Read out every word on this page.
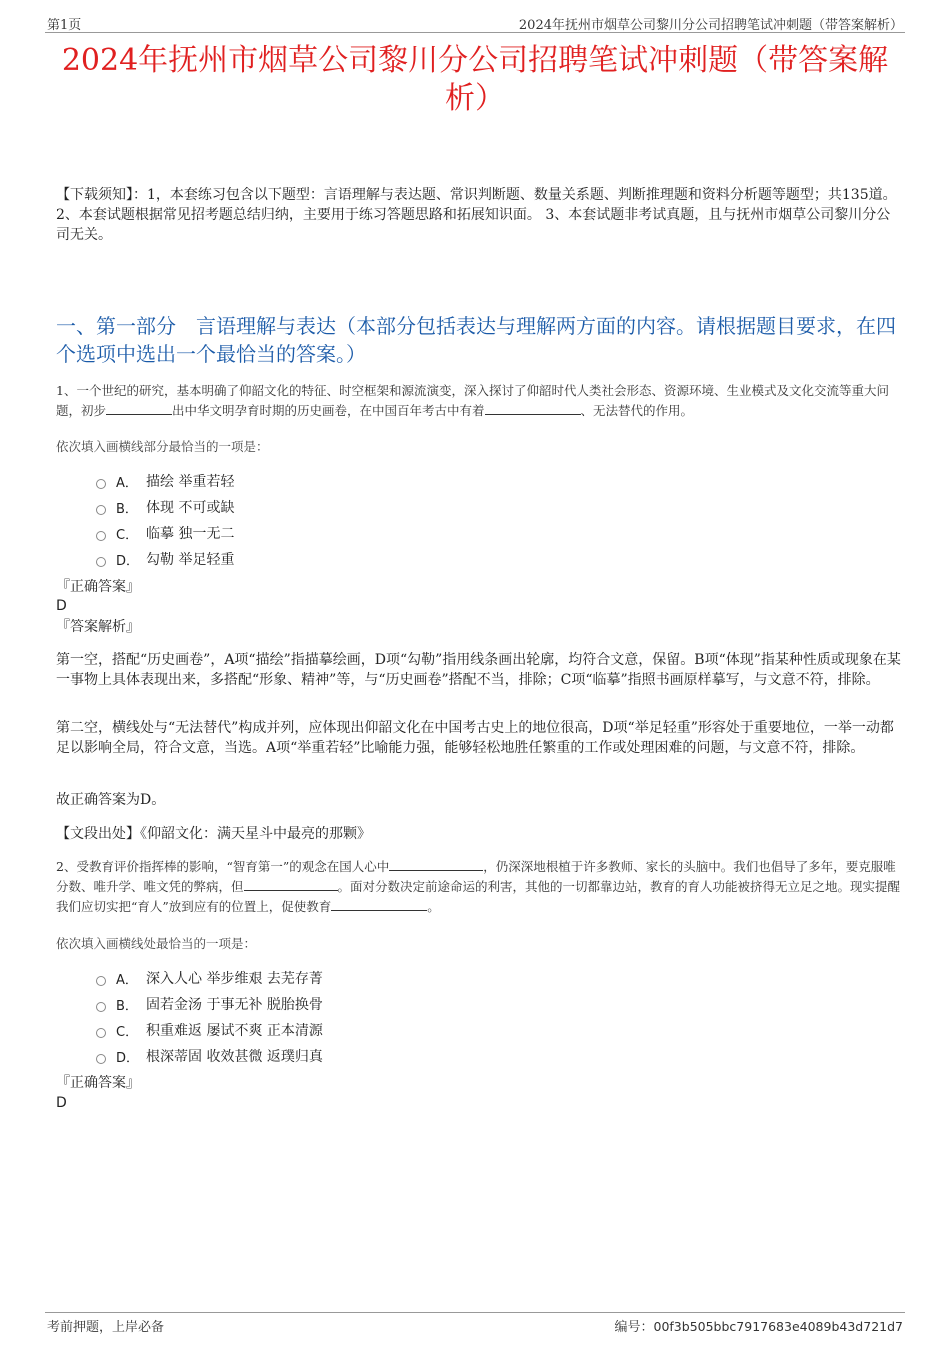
第1页	2024年抚州市烟草公司黎川分公司招聘笔试冲刺题（带答案解析）
2024年抚州市烟草公司黎川分公司招聘笔试冲刺题（带答案解析）

【下载须知】：1，本套练习包含以下题型：言语理解与表达题、常识判断题、数量关系题、判断推理题和资料分析题等题型；共135道。 2、本套试题根据常见招考题总结归纳，主要用于练习答题思路和拓展知识面。 3、本套试题非考试真题，且与抚州市烟草公司黎川分公司无关。

一、第一部分　言语理解与表达（本部分包括表达与理解两方面的内容。请根据题目要求，在四个选项中选出一个最恰当的答案。）

1、一个世纪的研究，基本明确了仰韶文化的特征、时空框架和源流演变，深入探讨了仰韶时代人类社会形态、资源环境、生业模式及文化交流等重大问题，初步	出中华文明孕育时期的历史画卷，在中国百年考古中有着	、无法替代的作用。

依次填入画横线部分最恰当的一项是：

A． 描绘 举重若轻
B． 体现 不可或缺
C． 临摹 独一无二
D． 勾勒 举足轻重

『正确答案』

D

『答案解析』

第一空，搭配“历史画卷”，A项“描绘”指描摹绘画，D项“勾勒”指用线条画出轮廓，均符合文意，保留。B项“体现”指某种性质或现象在某一事物上具体表现出来，多搭配“形象、精神”等，与“历史画卷”搭配不当，排除；C项“临摹”指照书画原样摹写，与文意不符，排除。

第二空，横线处与“无法替代”构成并列，应体现出仰韶文化在中国考古史上的地位很高，D项“举足轻重”形容处于重要地位，一举一动都足以影响全局，符合文意，当选。A项“举重若轻”比喻能力强，能够轻松地胜任繁重的工作或处理困难的问题，与文意不符，排除。

故正确答案为D。

【文段出处】《仰韶文化：满天星斗中最亮的那颗》

2、受教育评价指挥棒的影响，“智育第一”的观念在国人心中	，仍深深地根植于许多教师、家长的头脑中。我们也倡导了多年，要克服唯分数、唯升学、唯文凭的弊病，但	。面对分数决定前途命运的利害，其他的一切都靠边站，教育的育人功能被挤得无立足之地。现实提醒我们应切实把“育人”放到应有的位置上，促使教育	。

依次填入画横线处最恰当的一项是：

A． 深入人心 举步维艰 去芜存菁
B． 固若金汤 于事无补 脱胎换骨
C． 积重难返 屡试不爽 正本清源
D． 根深蒂固 收效甚微 返璞归真

『正确答案』

D

考前押题，上岸必备	编号：00f3b505bbc7917683e4089b43d721d7
